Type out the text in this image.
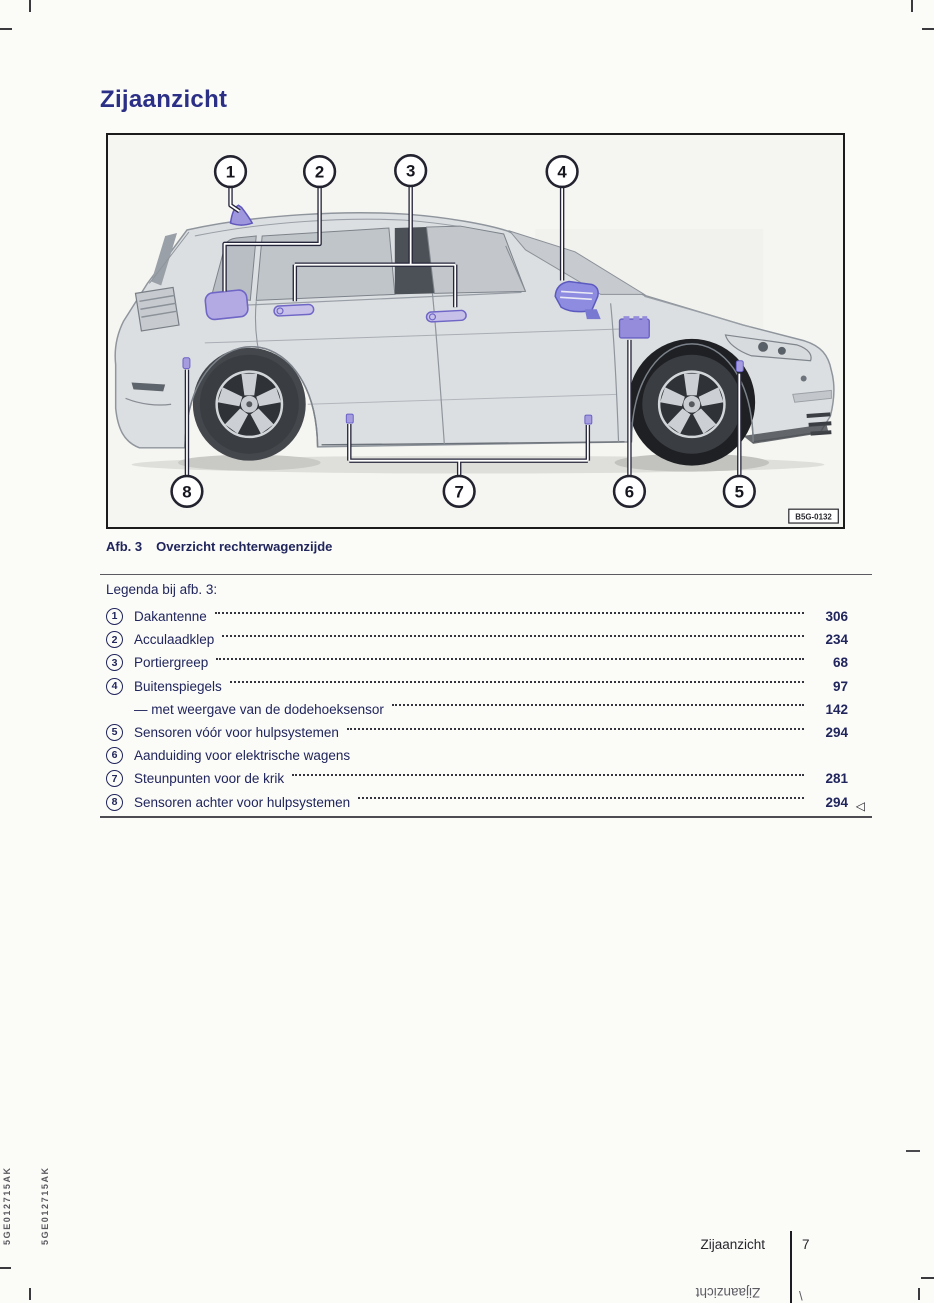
Zijaanzicht
1	2	3	4
8	7	6	5
B5G-0132
Afb. 3 Overzicht rechterwagenzijde
Legenda bij afb. 3:
1	Dakantenne	306
2	Acculaadklep	234
3	Portiergreep	68
4	Buitenspiegels	97
— met weergave van de dodehoeksensor	142
5	Sensoren vóór voor hulpsystemen	294
6	Aanduiding voor elektrische wagens
7	Steunpunten voor de krik	281
8	Sensoren achter voor hulpsystemen	294 ◁
Zijaanzicht	7
Zijaanzicht	\
5GE012715AK	5GE012715AK
